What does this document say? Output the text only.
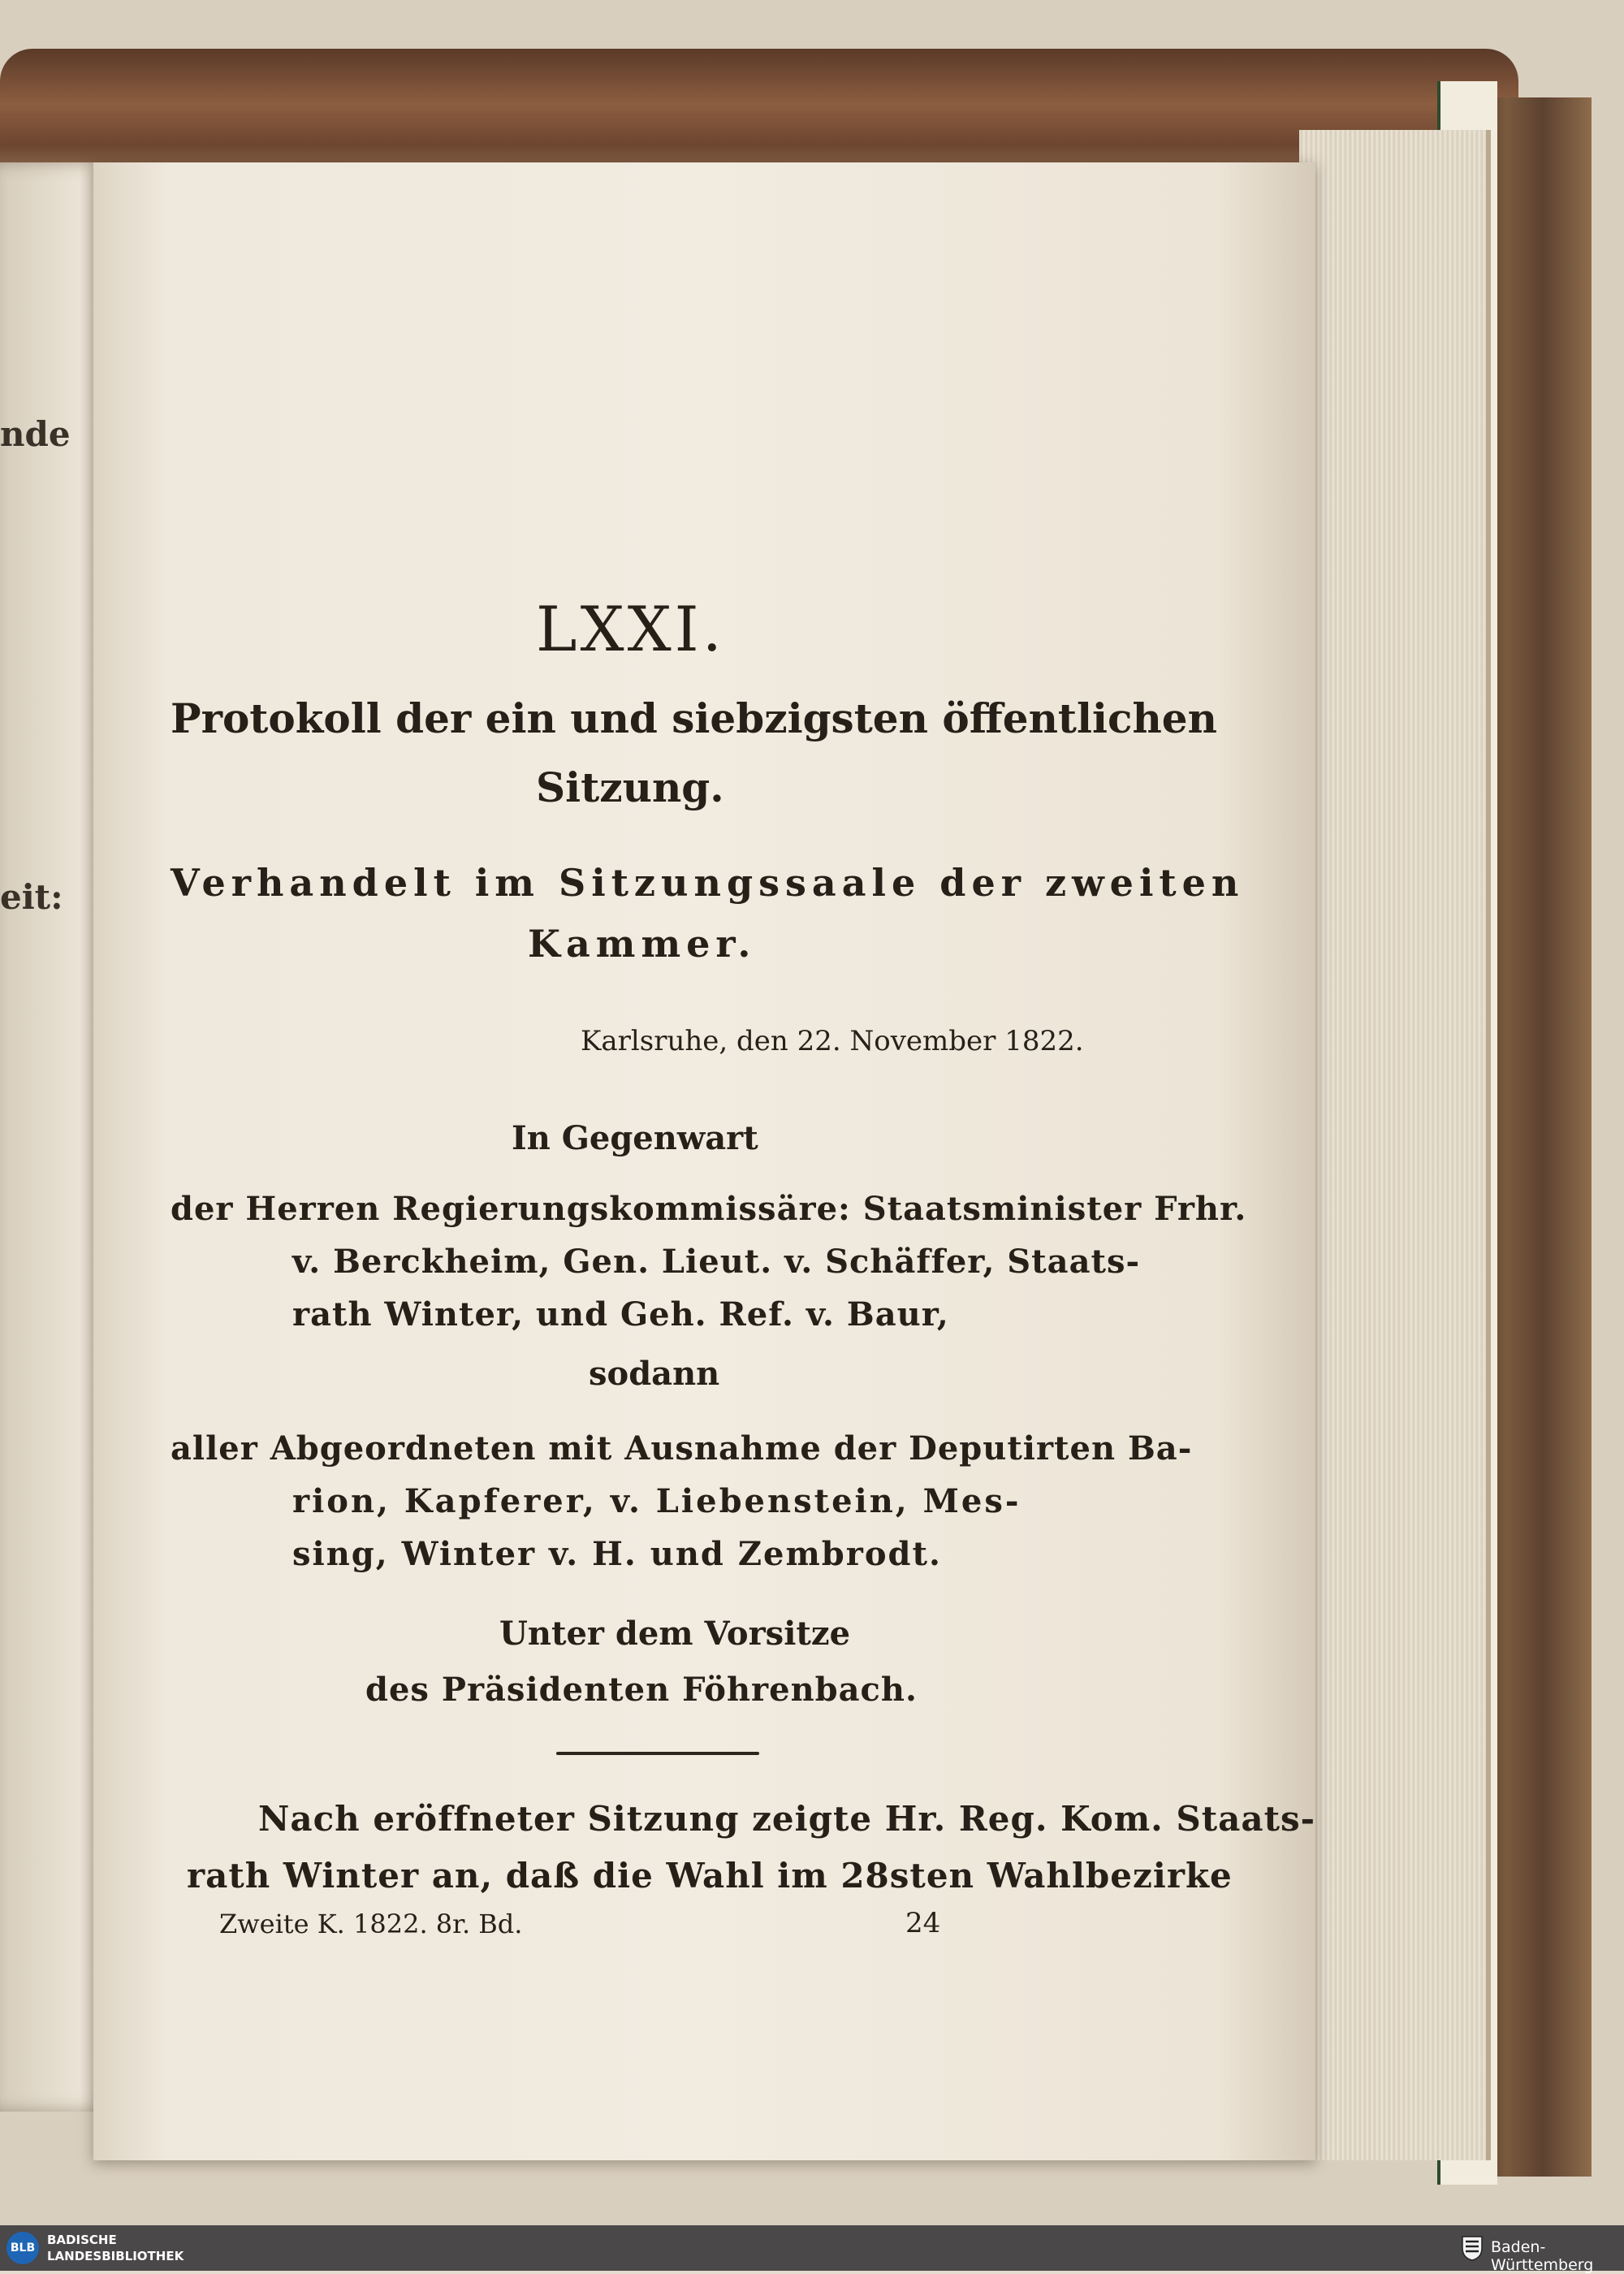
nde
eit:
LXXI.
Protokoll der ein und siebzigsten öffentlichen
Sitzung.
Verhandelt im Sitzungssaale der zweiten
Kammer.
Karlsruhe, den 22. November 1822.
In Gegenwart
der Herren Regierungskommissäre: Staatsminister Frhr.
v. Berckheim, Gen. Lieut. v. Schäffer, Staats-
rath Winter, und Geh. Ref. v. Baur,
sodann
aller Abgeordneten mit Ausnahme der Deputirten Ba-
rion, Kapferer, v. Liebenstein, Mes-
sing, Winter v. H. und Zembrodt.
Unter dem Vorsitze
des Präsidenten Föhrenbach.
Nach eröffneter Sitzung zeigte Hr. Reg. Kom. Staats-
rath Winter an, daß die Wahl im 28sten Wahlbezirke
Zweite K. 1822. 8r. Bd.	24
BLB
BADISCHE
LANDESBIBLIOTHEK	Baden-Württemberg
